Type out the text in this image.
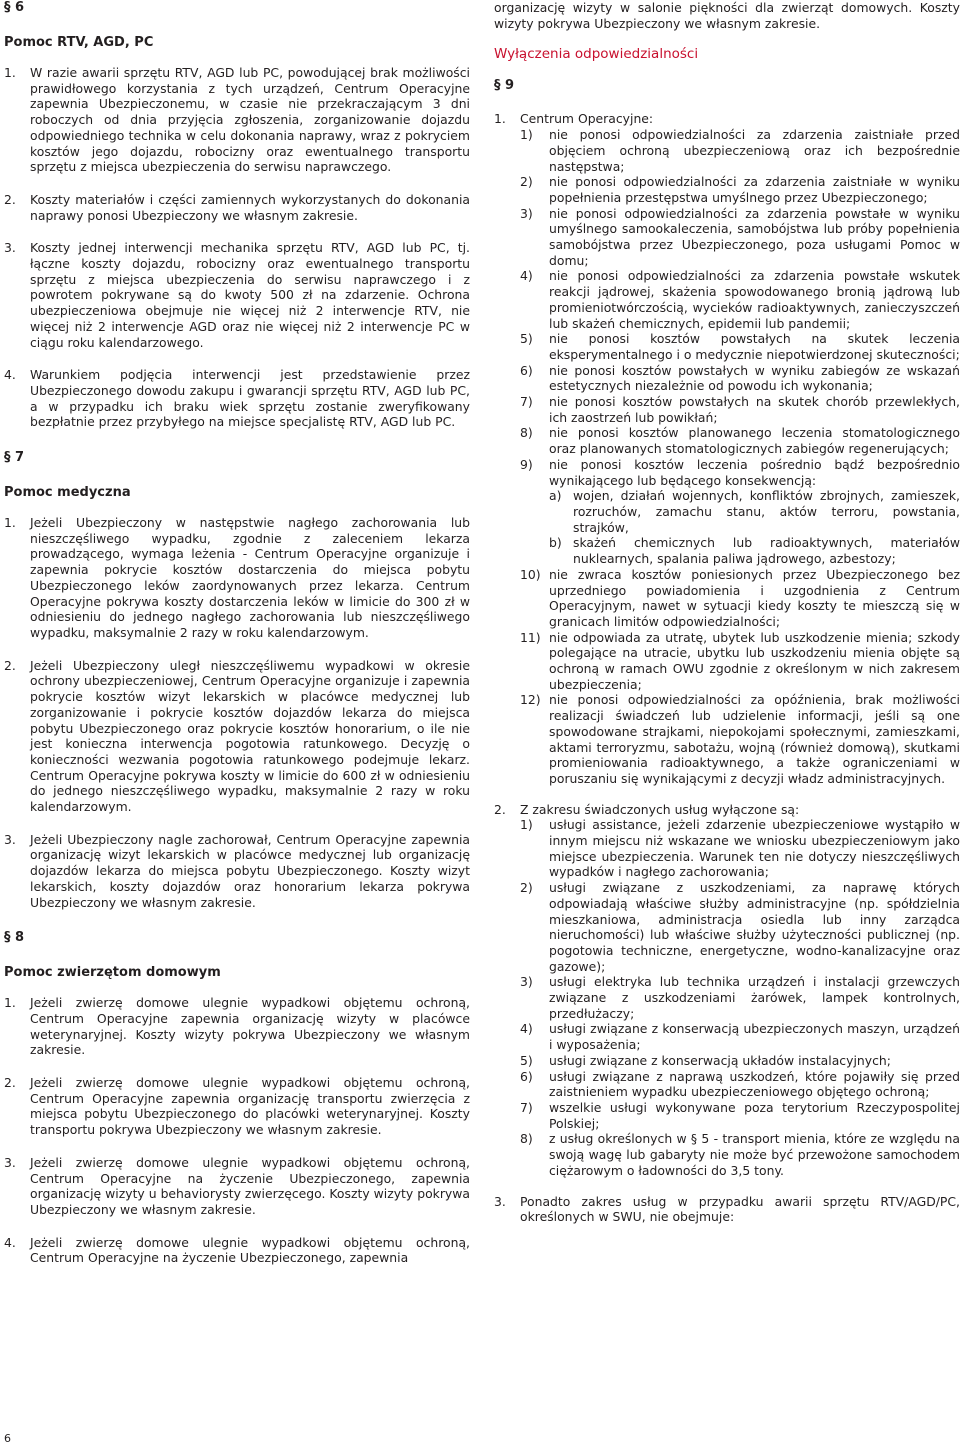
§ 6

Pomoc RTV, AGD, PC

1.	W razie awarii sprzętu RTV, AGD lub PC, powodującej brak możliwości prawidłowego korzystania z tych urządzeń, Centrum Operacyjne zapewnia Ubezpieczonemu, w czasie nie przekraczającym 3 dni roboczych od dnia przyjęcia zgłoszenia, zorganizowanie dojazdu odpowiedniego technika w celu dokonania naprawy, wraz z pokryciem kosztów jego dojazdu, robocizny oraz ewentualnego transportu sprzętu z miejsca ubezpieczenia do serwisu naprawczego.
2.	Koszty materiałów i części zamiennych wykorzystanych do dokonania naprawy ponosi Ubezpieczony we własnym zakresie.
3.	Koszty jednej interwencji mechanika sprzętu RTV, AGD lub PC, tj. łączne koszty dojazdu, robocizny oraz ewentualnego transportu sprzętu z miejsca ubezpieczenia do serwisu naprawczego i z powrotem pokrywane są do kwoty 500 zł na zdarzenie. Ochrona ubezpieczeniowa obejmuje nie więcej niż 2 interwencje RTV, nie więcej niż 2 interwencje AGD oraz nie więcej niż 2 interwencje PC w ciągu roku kalendarzowego.
4.	Warunkiem podjęcia interwencji jest przedstawienie przez Ubezpieczonego dowodu zakupu i gwarancji sprzętu RTV, AGD lub PC, a w przypadku ich braku wiek sprzętu zostanie zweryfikowany bezpłatnie przez przybyłego na miejsce specjalistę RTV, AGD lub PC.

§ 7

Pomoc medyczna

1.	Jeżeli Ubezpieczony w następstwie nagłego zachorowania lub nieszczęśliwego wypadku, zgodnie z zaleceniem lekarza prowadzącego, wymaga leżenia - Centrum Operacyjne organizuje i zapewnia pokrycie kosztów dostarczenia do miejsca pobytu Ubezpieczonego leków zaordynowanych przez lekarza. Centrum Operacyjne pokrywa koszty dostarczenia leków w limicie do 300 zł w odniesieniu do jednego nagłego zachorowania lub nieszczęśliwego wypadku, maksymalnie 2 razy w roku kalendarzowym.
2.	Jeżeli Ubezpieczony uległ nieszczęśliwemu wypadkowi w okresie ochrony ubezpieczeniowej, Centrum Operacyjne organizuje i zapewnia pokrycie kosztów wizyt lekarskich w placówce medycznej lub zorganizowanie i pokrycie kosztów dojazdów lekarza do miejsca pobytu Ubezpieczonego oraz pokrycie kosztów honorarium, o ile nie jest konieczna interwencja pogotowia ratunkowego. Decyzję o konieczności wezwania pogotowia ratunkowego podejmuje lekarz. Centrum Operacyjne pokrywa koszty w limicie do 600 zł w odniesieniu do jednego nieszczęśliwego wypadku, maksymalnie 2 razy w roku kalendarzowym.
3.	Jeżeli Ubezpieczony nagle zachorował, Centrum Operacyjne zapewnia organizację wizyt lekarskich w placówce medycznej lub organizację dojazdów lekarza do miejsca pobytu Ubezpieczonego. Koszty wizyt lekarskich, koszty dojazdów oraz honorarium lekarza pokrywa Ubezpieczony we własnym zakresie.

§ 8

Pomoc zwierzętom domowym

1.	Jeżeli zwierzę domowe ulegnie wypadkowi objętemu ochroną, Centrum Operacyjne zapewnia organizację wizyty w placówce weterynaryjnej. Koszty wizyty pokrywa Ubezpieczony we własnym zakresie.
2.	Jeżeli zwierzę domowe ulegnie wypadkowi objętemu ochroną, Centrum Operacyjne zapewnia organizację transportu zwierzęcia z miejsca pobytu Ubezpieczonego do placówki weterynaryjnej. Koszty transportu pokrywa Ubezpieczony we własnym zakresie.
3.	Jeżeli zwierzę domowe ulegnie wypadkowi objętemu ochroną, Centrum Operacyjne na życzenie Ubezpieczonego, zapewnia organizację wizyty u behaviorysty zwierzęcego. Koszty wizyty pokrywa Ubezpieczony we własnym zakresie.
4.	Jeżeli zwierzę domowe ulegnie wypadkowi objętemu ochroną, Centrum Operacyjne na życzenie Ubezpieczonego, zapewnia

organizację wizyty w salonie piękności dla zwierząt domowych. Koszty wizyty pokrywa Ubezpieczony we własnym zakresie.

Wyłączenia odpowiedzialności

§ 9

1.	Centrum Operacyjne:
1)	nie ponosi odpowiedzialności za zdarzenia zaistniałe przed objęciem ochroną ubezpieczeniową oraz ich bezpośrednie następstwa;
2)	nie ponosi odpowiedzialności za zdarzenia zaistniałe w wyniku popełnienia przestępstwa umyślnego przez Ubezpieczonego;
3)	nie ponosi odpowiedzialności za zdarzenia powstałe w wyniku umyślnego samookaleczenia, samobójstwa lub próby popełnienia samobójstwa przez Ubezpieczonego, poza usługami Pomoc w domu;
4)	nie ponosi odpowiedzialności za zdarzenia powstałe wskutek reakcji jądrowej, skażenia spowodowanego bronią jądrową lub promieniotwórczością, wycieków radioaktywnych, zanieczyszczeń lub skażeń chemicznych, epidemii lub pandemii;
5)	nie ponosi kosztów powstałych na skutek leczenia eksperymentalnego i o medycznie niepotwierdzonej skuteczności;
6)	nie ponosi kosztów powstałych w wyniku zabiegów ze wskazań estetycznych niezależnie od powodu ich wykonania;
7)	nie ponosi kosztów powstałych na skutek chorób przewlekłych, ich zaostrzeń lub powikłań;
8)	nie ponosi kosztów planowanego leczenia stomatologicznego oraz planowanych stomatologicznych zabiegów regenerujących;
9)	nie ponosi kosztów leczenia pośrednio bądź bezpośrednio wynikającego lub będącego konsekwencją:
a) wojen, działań wojennych, konfliktów zbrojnych, zamieszek, rozruchów, zamachu stanu, aktów terroru, powstania, strajków,
b) skażeń chemicznych lub radioaktywnych, materiałów nuklearnych, spalania paliwa jądrowego, azbestozy;
10) nie zwraca kosztów poniesionych przez Ubezpieczonego bez uprzedniego powiadomienia i uzgodnienia z Centrum Operacyjnym, nawet w sytuacji kiedy koszty te mieszczą się w granicach limitów odpowiedzialności;
11) nie odpowiada za utratę, ubytek lub uszkodzenie mienia; szkody polegające na utracie, ubytku lub uszkodzeniu mienia objęte są ochroną w ramach OWU zgodnie z określonym w nich zakresem ubezpieczenia;
12) nie ponosi odpowiedzialności za opóźnienia, brak możliwości realizacji świadczeń lub udzielenie informacji, jeśli są one spowodowane strajkami, niepokojami społecznymi, zamieszkami, aktami terroryzmu, sabotażu, wojną (również domową), skutkami promieniowania radioaktywnego, a także ograniczeniami w poruszaniu się wynikającymi z decyzji władz administracyjnych.
2.	Z zakresu świadczonych usług wyłączone są:
1)	usługi assistance, jeżeli zdarzenie ubezpieczeniowe wystąpiło w innym miejscu niż wskazane we wniosku ubezpieczeniowym jako miejsce ubezpieczenia. Warunek ten nie dotyczy nieszczęśliwych wypadków i nagłego zachorowania;
2)	usługi związane z uszkodzeniami, za naprawę których odpowiadają właściwe służby administracyjne (np. spółdzielnia mieszkaniowa, administracja osiedla lub inny zarządca nieruchomości) lub właściwe służby użyteczności publicznej (np. pogotowia techniczne, energetyczne, wodno-kanalizacyjne oraz gazowe);
3)	usługi elektryka lub technika urządzeń i instalacji grzewczych związane z uszkodzeniami żarówek, lampek kontrolnych, przedłużaczy;
4)	usługi związane z konserwacją ubezpieczonych maszyn, urządzeń i wyposażenia;
5)	usługi związane z konserwacją układów instalacyjnych;
6)	usługi związane z naprawą uszkodzeń, które pojawiły się przed zaistnieniem wypadku ubezpieczeniowego objętego ochroną;
7)	wszelkie usługi wykonywane poza terytorium Rzeczypospolitej Polskiej;
8)	z usług określonych w § 5 - transport mienia, które ze względu na swoją wagę lub gabaryty nie może być przewożone samochodem ciężarowym o ładowności do 3,5 tony.
3.	Ponadto zakres usług w przypadku awarii sprzętu RTV/AGD/PC, określonych w SWU, nie obejmuje:
6
